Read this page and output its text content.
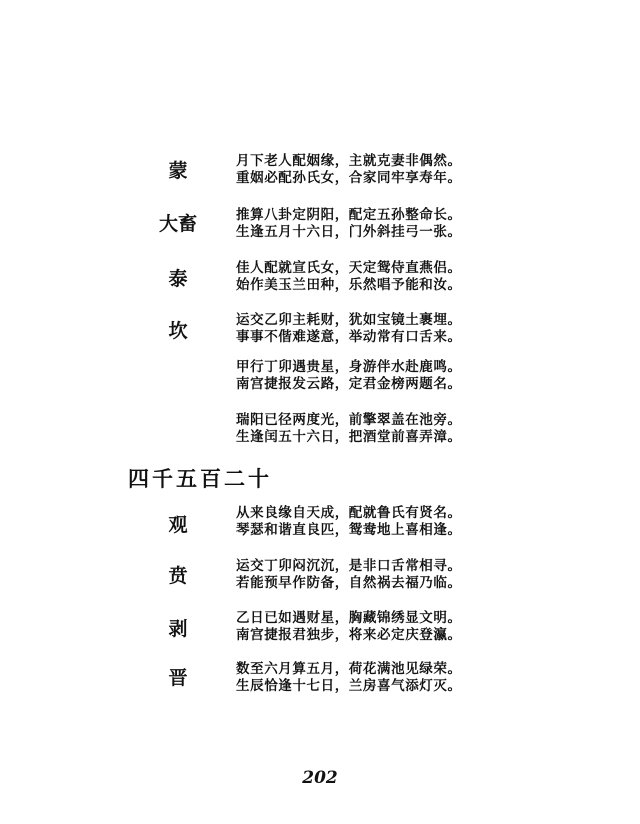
蒙
大畜
泰
坎
月下老人配姻缘，主就克妻非偶然。
重姻必配孙氏女，合家同牢享寿年。
推算八卦定阴阳，配定五孙整命长。
生逢五月十六日，门外斜挂弓一张。
佳人配就宣氏女，天定鸳侍直燕侣。
始作美玉兰田种，乐然唱予能和汝。
运交乙卯主耗财，犹如宝镜土裹埋。
事事不偕难遂意，举动常有口舌来。
甲行丁卯遇贵星，身游伴水赴鹿鸣。
南宫捷报发云路，定君金榜两题名。
瑞阳已径两度光，前擎翠盖在池旁。
生逢闰五十六日，把酒堂前喜弄漳。
四千五百二十
观
贲
剥
晋
从来良缘自天成，配就鲁氏有贤名。
琴瑟和谐直良匹，鸳鸯地上喜相逢。
运交丁卯闷沉沉，是非口舌常相寻。
若能预早作防备，自然祸去福乃临。
乙日已如遇财星，胸藏锦绣显文明。
南宫捷报君独步，将来必定庆登瀛。
数至六月算五月，荷花满池见绿荣。
生辰恰逢十七日，兰房喜气添灯灭。
202
